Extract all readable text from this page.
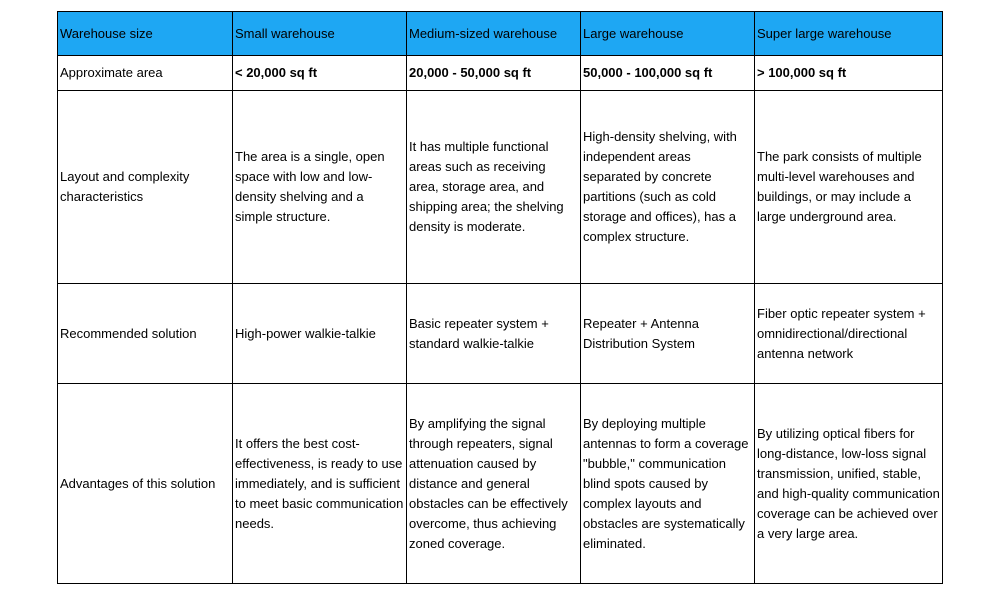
Warehouse size	Small warehouse	Medium-sized warehouse	Large warehouse	Super large warehouse
Approximate area	< 20,000 sq ft	20,000 - 50,000 sq ft	50,000 - 100,000 sq ft	> 100,000 sq ft
Layout and complexity characteristics	The area is a single, open space with low and low-density shelving and a simple structure.	It has multiple functional areas such as receiving area, storage area, and shipping area; the shelving density is moderate.	High-density shelving, with independent areas separated by concrete partitions (such as cold storage and offices), has a complex structure.	The park consists of multiple multi-level warehouses and buildings, or may include a large underground area.
Recommended solution	High-power walkie-talkie	Basic repeater system + standard walkie-talkie	Repeater + Antenna Distribution System	Fiber optic repeater system + omnidirectional/directional antenna network
Advantages of this solution	It offers the best cost-effectiveness, is ready to use immediately, and is sufficient to meet basic communication needs.	By amplifying the signal through repeaters, signal attenuation caused by distance and general obstacles can be effectively overcome, thus achieving zoned coverage.	By deploying multiple antennas to form a coverage "bubble," communication blind spots caused by complex layouts and obstacles are systematically eliminated.	By utilizing optical fibers for long-distance, low-loss signal transmission, unified, stable, and high-quality communication coverage can be achieved over a very large area.
